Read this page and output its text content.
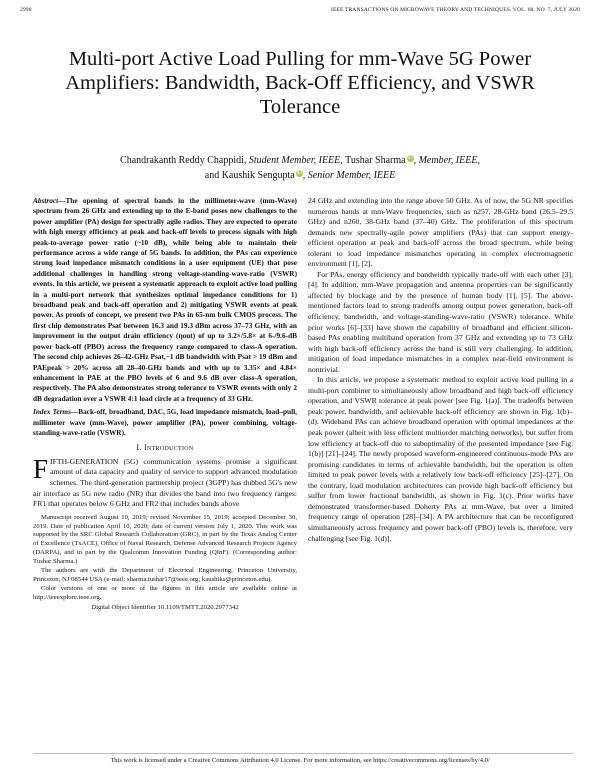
2998	IEEE TRANSACTIONS ON MICROWAVE THEORY AND TECHNIQUES, VOL. 68, NO. 7, JULY 2020
Multi-port Active Load Pulling for mm-Wave 5G Power Amplifiers: Bandwidth, Back-Off Efficiency, and VSWR Tolerance
Chandrakanth Reddy Chappidi, Student Member, IEEE, Tushar Sharma iD, Member, IEEE,
and Kaushik Sengupta iD, Senior Member, IEEE
Abstract—The opening of spectral bands in the millimeter-wave (mm-Wave) spectrum from 26 GHz and extending up to the E-band poses new challenges to the power amplifier (PA) design for spectrally agile radios. They are expected to operate with high energy efficiency at peak and back-off levels to process signals with high peak-to-average power ratio (~10 dB), while being able to maintain their performance across a wide range of 5G bands. In addition, the PAs can experience strong load impedance mismatch conditions in a user equipment (UE) that pose additional challenges in handling strong voltage-standing-wave-ratio (VSWR) events. In this article, we present a systematic approach to exploit active load pulling in a multi-port network that synthesizes optimal impedance conditions for 1) broadband peak and back-off operation and 2) mitigating VSWR events at peak power. As proofs of concept, we present two PAs in 65-nm bulk CMOS process. The first chip demonstrates Psat between 16.3 and 19.3 dBm across 37–73 GHz, with an improvement in the output drain efficiency (ηout) of up to 3.2×/5.8× at 6-/9.6-dB power back-off (PBO) across the frequency range compared to class-A operation. The second chip achieves 26–42-GHz Psat,−1 dB bandwidth with Psat > 19 dBm and PAEpeak > 20% across all 28–40-GHz bands and with up to 3.35× and 4.84× enhancement in PAE at the PBO levels of 6 and 9.6 dB over class-A operation, respectively. The PA also demonstrates strong tolerance to VSWR events with only 2 dB degradation over a VSWR 4:1 load circle at a frequency of 33 GHz.
Index Terms—Back-off, broadband, DAC, 5G, load impedance mismatch, load–pull, millimeter wave (mm-Wave), power amplifier (PA), power combining, voltage-standing-wave-ratio (VSWR).
I. Introduction
FIFTH-GENERATION (5G) communication systems promise a significant amount of data capacity and quality of service to support advanced modulation schemes. The third-generation partnership project (3GPP) has dubbed 5G's new air interface as 5G new radio (NR) that divides the band into two frequency ranges: FR1 that operates below 6 GHz and FR2 that includes bands above

Manuscript received August 10, 2019; revised November 15, 2019; accepted December 30, 2019. Date of publication April 10, 2020; date of current version July 1, 2020. This work was supported by the SRC Global Research Collaboration (GRC), in part by the Texas Analog Center of Excellence (TxACE), Office of Naval Research, Defense Advanced Research Projects Agency (DARPA), and in part by the Qualcomm Innovation Funding (QInF). (Corresponding author: Tushar Sharma.)

The authors are with the Department of Electrical Engineering, Princeton University, Princeton, NJ 08544 USA (e-mail: sharma.tushar17@ieee.org; kaushiks@princeton.edu).

Color versions of one or more of the figures in this article are available online at http://ieeexplore.ieee.org.

Digital Object Identifier 10.1109/TMTT.2020.2977342

24 GHz and extending into the range above 50 GHz. As of now, the 5G NR specifies numerous bands at mm-Wave frequencies, such as n257, 28-GHz band (26.5–29.5 GHz) and n260, 38-GHz band (37–40) GHz. The proliferation of this spectrum demands new spectrally-agile power amplifiers (PAs) that can support energy-efficient operation at peak and back-off across the broad spectrum, while being tolerant to load impedance mismatches operating in complex electromagnetic environment [1], [2].

For PAs, energy efficiency and bandwidth typically trade-off with each other [3], [4]. In addition, mm-Wave propagation and antenna properties can be significantly affected by blockage and by the presence of human body [1], [5]. The above-mentioned factors lead to strong tradeoffs among output power generation, back-off efficiency, bandwidth, and voltage-standing-wave-ratio (VSWR) tolerance. While prior works [6]–[33] have shown the capability of broadband and efficient silicon-based PAs enabling multiband operation from 37 GHz and extending up to 73 GHz with high back-off efficiency across the band is still very challenging. In addition, mitigation of load impedance mismatches in a complex near-field environment is nontrivial.

In this article, we propose a systematic method to exploit active load pulling in a multi-port combiner to simultaneously allow broadband and high back-off efficiency operation, and VSWR tolerance at peak power [see Fig. 1(a)]. The tradeoffs between peak power, bandwidth, and achievable back-off efficiency are shown in Fig. 1(b)–(d). Wideband PAs can achieve broadband operation with optimal impedances at the peak power (albeit with less efficient multiorder matching networks), but suffer from low efficiency at back-off due to suboptimality of the presented impedance [see Fig. 1(b)] [21]–[24]. The newly proposed waveform-engineered continuous-mode PAs are promising candidates in terms of achievable bandwidth, but the operation is often limited to peak power levels with a relatively low back-off efficiency [25]–[27]. On the contrary, load modulation architectures can provide high back-off efficiency but suffer from lower fractional bandwidth, as shown in Fig. 1(c). Prior works have demonstrated transformer-based Doherty PAs at mm-Wave, but over a limited frequency range of operation [28]–[34]. A PA architecture that can be reconfigured simultaneously across frequency and power back-off (PBO) levels is, therefore, very challenging [see Fig. 1(d)].

This work is licensed under a Creative Commons Attribution 4.0 License. For more information, see https://creativecommons.org/licenses/by/4.0/
